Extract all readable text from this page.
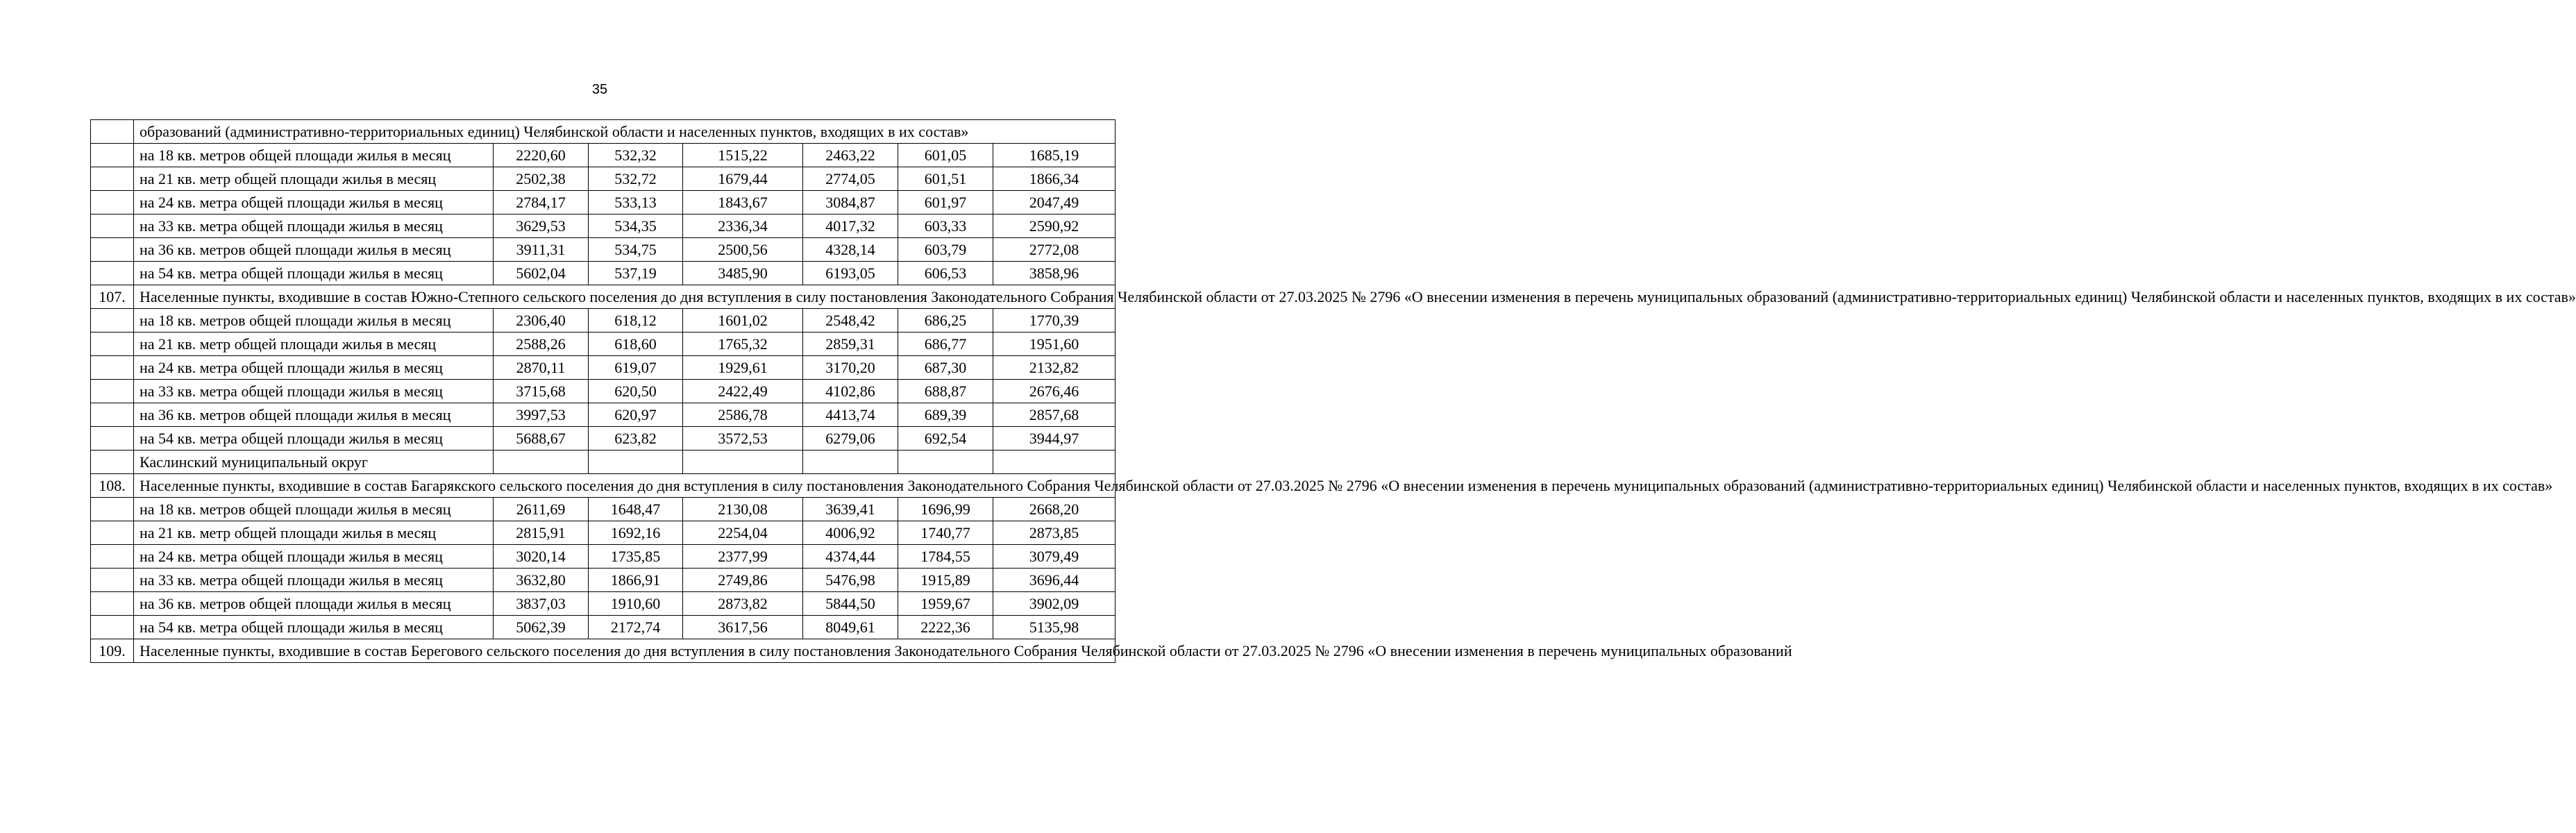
35
	образований (административно-территориальных единиц) Челябинской области и населенных пунктов, входящих в их состав»						
	на 18 кв. метров общей площади жилья в месяц	2220,60	532,32	1515,22	2463,22	601,05	1685,19
	на 21 кв. метр общей площади жилья в месяц	2502,38	532,72	1679,44	2774,05	601,51	1866,34
	на 24 кв. метра общей площади жилья в месяц	2784,17	533,13	1843,67	3084,87	601,97	2047,49
	на 33 кв. метра общей площади жилья в месяц	3629,53	534,35	2336,34	4017,32	603,33	2590,92
	на 36 кв. метров общей площади жилья в месяц	3911,31	534,75	2500,56	4328,14	603,79	2772,08
	на 54 кв. метра общей площади жилья в месяц	5602,04	537,19	3485,90	6193,05	606,53	3858,96
107.	Населенные пункты, входившие в состав Южно-Степного сельского поселения до дня вступления в силу постановления Законодательного Собрания Челябинской области от 27.03.2025 № 2796 «О внесении изменения в перечень муниципальных образований (административно-территориальных единиц) Челябинской области и населенных пунктов, входящих в их состав»						
	на 18 кв. метров общей площади жилья в месяц	2306,40	618,12	1601,02	2548,42	686,25	1770,39
	на 21 кв. метр общей площади жилья в месяц	2588,26	618,60	1765,32	2859,31	686,77	1951,60
	на 24 кв. метра общей площади жилья в месяц	2870,11	619,07	1929,61	3170,20	687,30	2132,82
	на 33 кв. метра общей площади жилья в месяц	3715,68	620,50	2422,49	4102,86	688,87	2676,46
	на 36 кв. метров общей площади жилья в месяц	3997,53	620,97	2586,78	4413,74	689,39	2857,68
	на 54 кв. метра общей площади жилья в месяц	5688,67	623,82	3572,53	6279,06	692,54	3944,97
	Каслинский муниципальный округ						
108.	Населенные пункты, входившие в состав Багарякского сельского поселения до дня вступления в силу постановления Законодательного Собрания Челябинской области от 27.03.2025 № 2796 «О внесении изменения в перечень муниципальных образований (административно-территориальных единиц) Челябинской области и населенных пунктов, входящих в их состав»						
	на 18 кв. метров общей площади жилья в месяц	2611,69	1648,47	2130,08	3639,41	1696,99	2668,20
	на 21 кв. метр общей площади жилья в месяц	2815,91	1692,16	2254,04	4006,92	1740,77	2873,85
	на 24 кв. метра общей площади жилья в месяц	3020,14	1735,85	2377,99	4374,44	1784,55	3079,49
	на 33 кв. метра общей площади жилья в месяц	3632,80	1866,91	2749,86	5476,98	1915,89	3696,44
	на 36 кв. метров общей площади жилья в месяц	3837,03	1910,60	2873,82	5844,50	1959,67	3902,09
	на 54 кв. метра общей площади жилья в месяц	5062,39	2172,74	3617,56	8049,61	2222,36	5135,98
109.	Населенные пункты, входившие в состав Берегового сельского поселения до дня вступления в силу постановления Законодательного Собрания Челябинской области от 27.03.2025 № 2796 «О внесении изменения в перечень муниципальных образований						
